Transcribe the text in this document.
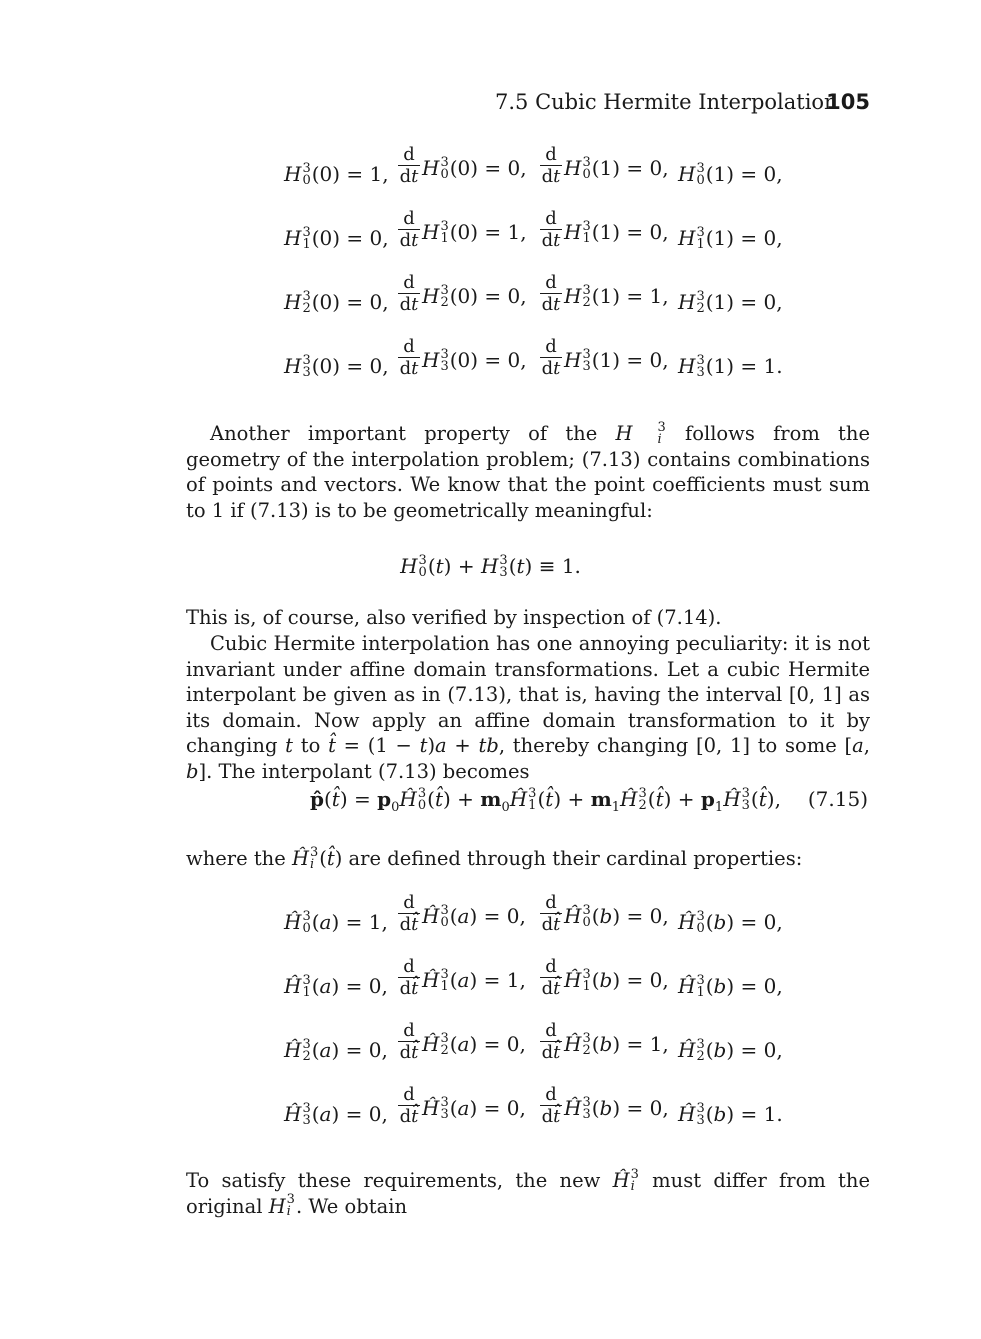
7.5 Cubic Hermite Interpolation
105
H 3
0 (0) = 1, $\frac{d}{dt}$ H 3
0 (0) = 0, $\frac{d}{dt}$ H 3
0 (1) = 0, H 3
0 (1) = 0,
H 3
1 (0) = 0, $\frac{d}{dt}$ H 3
1 (0) = 1, $\frac{d}{dt}$ H 3
1 (1) = 0, H 3
1 (1) = 0,
H 3
2 (0) = 0, $\frac{d}{dt}$ H 3
2 (0) = 0, $\frac{d}{dt}$ H 3
2 (1) = 1, H 3
2 (1) = 0,
H 3
3 (0) = 0, $\frac{d}{dt}$ H 3
3 (0) = 0, $\frac{d}{dt}$ H 3
3 (1) = 0, H 3
3 (1) = 1.
Another important property of the H	3
i follows from the geometry of the interpolation problem; (7.13) contains combinations of points and vectors. We know that the point coefficients must sum to 1 if (7.13) is to be geometrically meaningful:
H 3
0 (t) + H 3
3 (t) ≡ 1.
This is, of course, also verified by inspection of (7.14).
Cubic Hermite interpolation has one annoying peculiarity: it is not invariant under affine domain transformations. Let a cubic Hermite interpolant be given as in (7.13), that is, having the interval [0, 1] as its domain. Now apply an affine domain transformation to it by changing t to t̂ = (1 − t)a + tb, thereby changing [0, 1] to some [a, b]. The interpolant (7.13) becomes
p̂(t̂) = $p_0Ĥ$ 3
0 (t̂) + $m_0Ĥ$ 3
1 (t̂) + $m_1Ĥ$ 3
2 (t̂) + $p_1Ĥ$ 3
3 (t̂), (7.15)
where the Ĥ 3
i (t̂) are defined through their cardinal properties:
Ĥ 3
0 (a) = 1, $\frac{d}{dt̂}$ Ĥ 3
0 (a) = 0, $\frac{d}{dt̂}$ Ĥ 3
0 (b) = 0, Ĥ 3
0 (b) = 0,
Ĥ 3
1 (a) = 0, $\frac{d}{dt̂}$ Ĥ 3
1 (a) = 1, $\frac{d}{dt̂}$ Ĥ 3
1 (b) = 0, Ĥ 3
1 (b) = 0,
Ĥ 3
2 (a) = 0, $\frac{d}{dt̂}$ Ĥ 3
2 (a) = 0, $\frac{d}{dt̂}$ Ĥ 3
2 (b) = 1, Ĥ 3
2 (b) = 0,
Ĥ 3
3 (a) = 0, $\frac{d}{dt̂}$ Ĥ 3
3 (a) = 0, $\frac{d}{dt̂}$ Ĥ 3
3 (b) = 0, Ĥ 3
3 (b) = 1.
To satisfy these requirements, the new Ĥ 3
i must differ from the original H 3
i . We obtain
